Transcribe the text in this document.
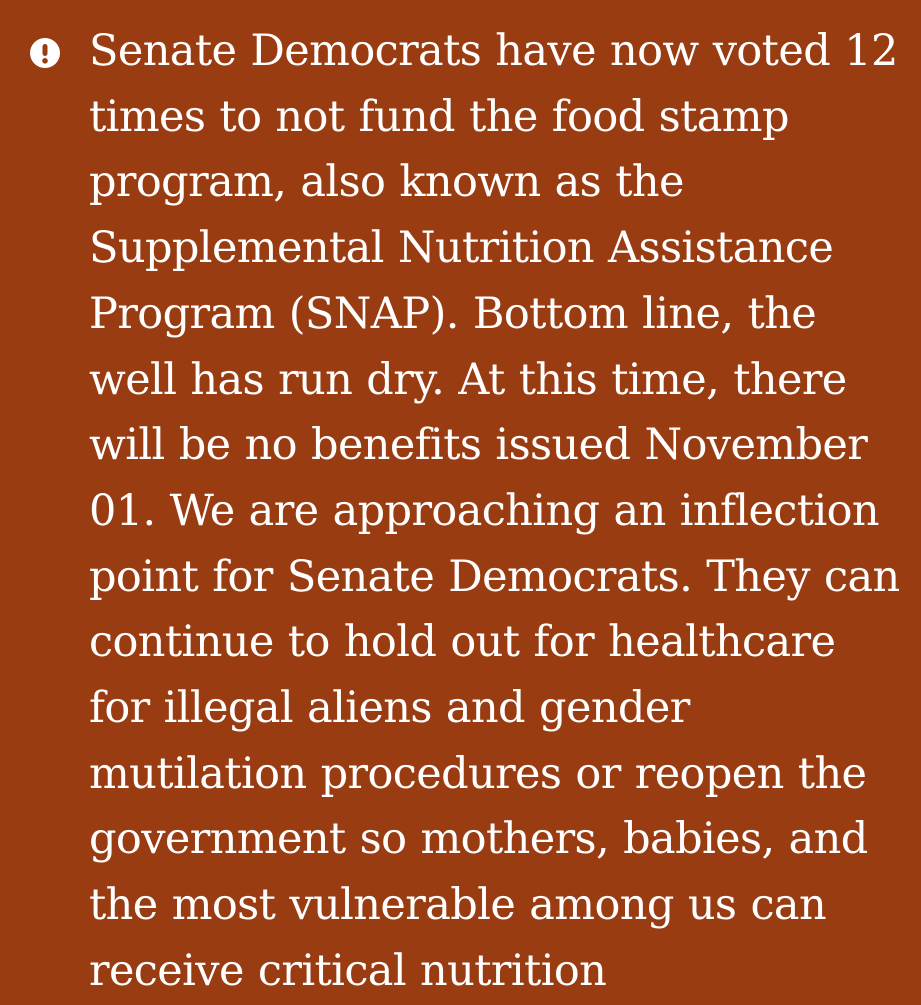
Senate Democrats have now voted 12 times to not fund the food stamp program, also known as the Supplemental Nutrition Assistance Program (SNAP). Bottom line, the well has run dry. At this time, there will be no benefits issued November 01. We are approaching an inflection point for Senate Democrats. They can continue to hold out for healthcare for illegal aliens and gender mutilation procedures or reopen the government so mothers, babies, and the most vulnerable among us can receive critical nutrition
